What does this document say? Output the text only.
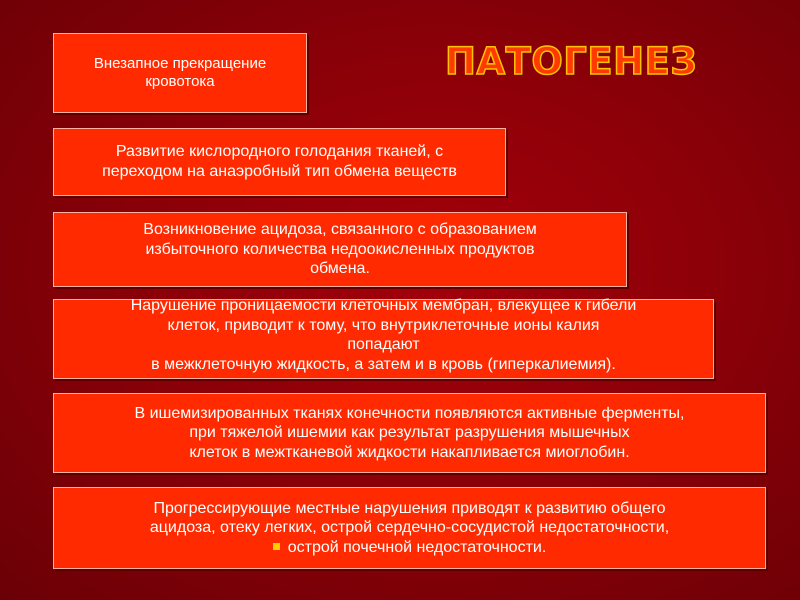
ПАТОГЕНЕЗ
Внезапное прекращение
кровотока
Развитие кислородного голодания тканей, с
переходом на анаэробный тип обмена веществ
Возникновение ацидоза, связанного с образованием
избыточного количества недоокисленных продуктов
обмена.
Нарушение проницаемости клеточных мембран, влекущее к гибели
клеток, приводит к тому, что внутриклеточные ионы калия
попадают
в межклеточную жидкость, а затем и в кровь (гиперкалиемия).
В ишемизированных тканях конечности появляются активные ферменты,
при тяжелой ишемии как результат разрушения мышечных
клеток в межтканевой жидкости накапливается миоглобин.
Прогрессирующие местные нарушения приводят к развитию общего
ацидоза, отеку легких, острой сердечно-сосудистой недостаточности,
острой почечной недостаточности.
